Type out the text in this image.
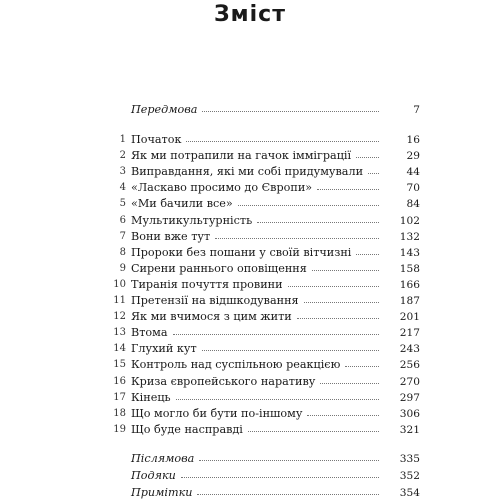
Зміст
Передмова	7
1 Початок	16
2 Як ми потрапили на гачок імміграції	29
3 Виправдання, які ми собі придумували	44
4 «Ласкаво просимо до Європи»	70
5 «Ми бачили все»	84
6 Мультикультурність	102
7 Вони вже тут	132
8 Пророки без пошани у своїй вітчизні	143
9 Сирени раннього оповіщення	158
10 Тиранія почуття провини	166
11 Претензії на відшкодування	187
12 Як ми вчимося з цим жити	201
13 Втома	217
14 Глухий кут	243
15 Контроль над суспільною реакцією	256
16 Криза європейського наративу	270
17 Кінець	297
18 Що могло би бути по-іншому	306
19 Що буде насправді	321
Післямова	335
Подяки	352
Примітки	354
